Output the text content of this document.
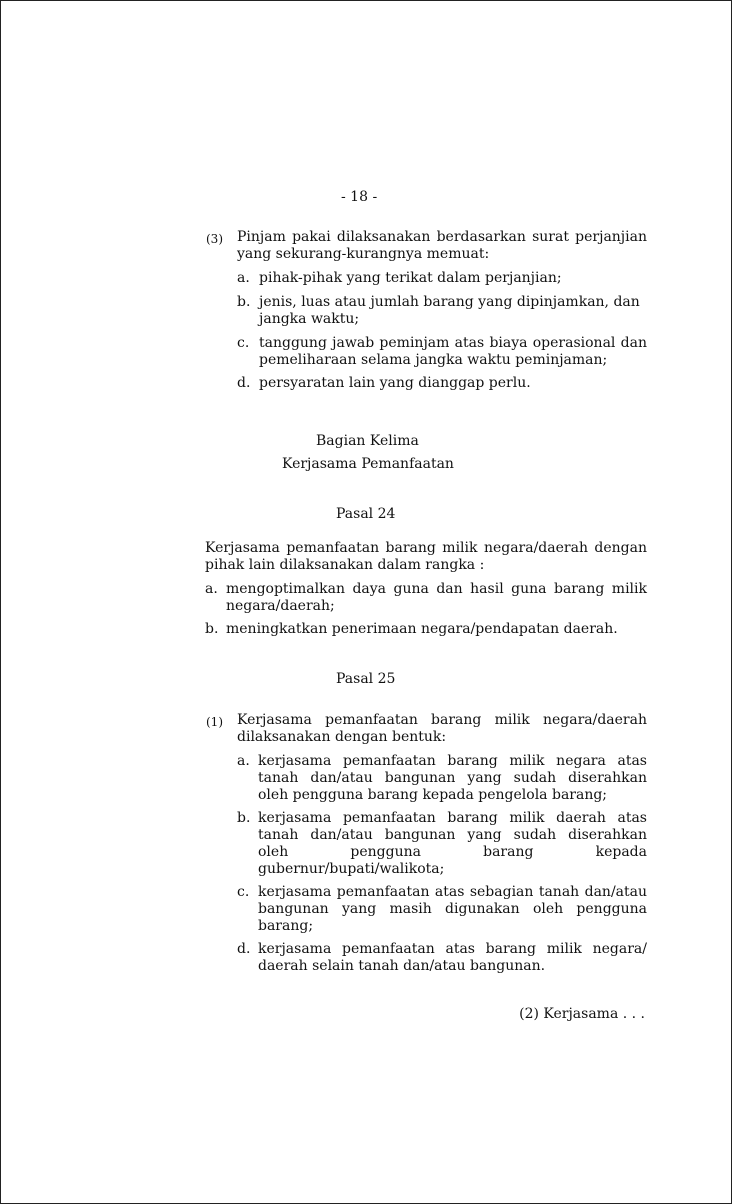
- 18 -
(3) Pinjam pakai dilaksanakan berdasarkan surat perjanjian
yang sekurang-kurangnya memuat:
a. pihak-pihak yang terikat dalam perjanjian;
b. jenis, luas atau jumlah barang yang dipinjamkan, dan
jangka waktu;
c. tanggung jawab peminjam atas biaya operasional dan
pemeliharaan selama jangka waktu peminjaman;
d. persyaratan lain yang dianggap perlu.
Bagian Kelima
Kerjasama Pemanfaatan
Pasal 24
Kerjasama pemanfaatan barang milik negara/daerah dengan
pihak lain dilaksanakan dalam rangka :
a. mengoptimalkan daya guna dan hasil guna barang milik
negara/daerah;
b. meningkatkan penerimaan negara/pendapatan daerah.
Pasal 25
(1) Kerjasama pemanfaatan barang milik negara/daerah
dilaksanakan dengan bentuk:
a. kerjasama pemanfaatan barang milik negara atas
tanah dan/atau bangunan yang sudah diserahkan
oleh pengguna barang kepada pengelola barang;
b. kerjasama pemanfaatan barang milik daerah atas
tanah dan/atau bangunan yang sudah diserahkan
oleh pengguna barang kepada
gubernur/bupati/walikota;
c. kerjasama pemanfaatan atas sebagian tanah dan/atau
bangunan yang masih digunakan oleh pengguna
barang;
d. kerjasama pemanfaatan atas barang milik negara/
daerah selain tanah dan/atau bangunan.
(2) Kerjasama . . .
